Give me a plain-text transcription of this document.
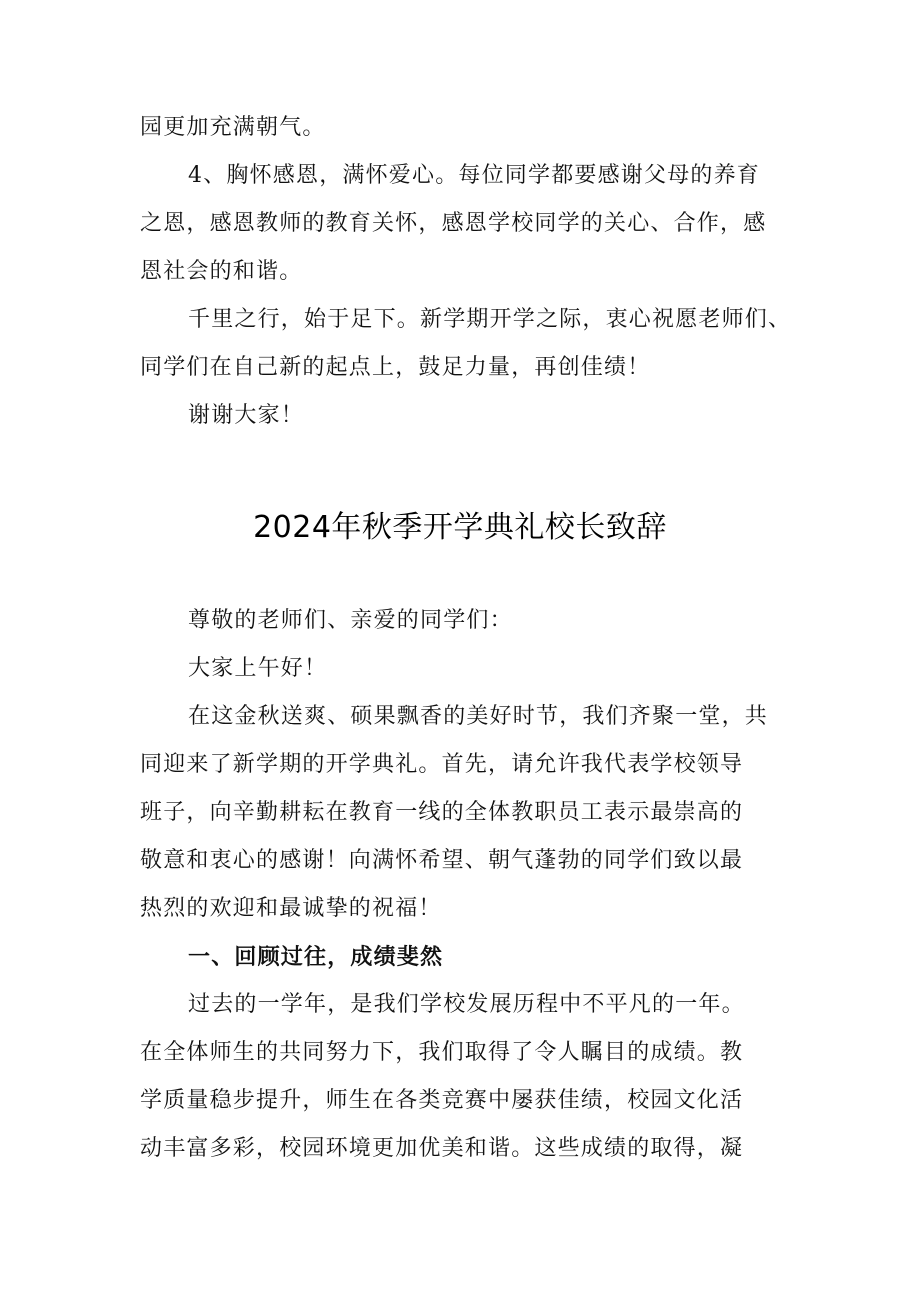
园更加充满朝气。
4、胸怀感恩，满怀爱心。每位同学都要感谢父母的养育
之恩，感恩教师的教育关怀，感恩学校同学的关心、合作，感
恩社会的和谐。
千里之行，始于足下。新学期开学之际，衷心祝愿老师们、
同学们在自己新的起点上，鼓足力量，再创佳绩！
谢谢大家！
2024年秋季开学典礼校长致辞
尊敬的老师们、亲爱的同学们：
大家上午好！
在这金秋送爽、硕果飘香的美好时节，我们齐聚一堂，共
同迎来了新学期的开学典礼。首先，请允许我代表学校领导
班子，向辛勤耕耘在教育一线的全体教职员工表示最崇高的
敬意和衷心的感谢！向满怀希望、朝气蓬勃的同学们致以最
热烈的欢迎和最诚挚的祝福！
一、回顾过往，成绩斐然
过去的一学年，是我们学校发展历程中不平凡的一年。
在全体师生的共同努力下，我们取得了令人瞩目的成绩。教
学质量稳步提升，师生在各类竞赛中屡获佳绩，校园文化活
动丰富多彩，校园环境更加优美和谐。这些成绩的取得，凝
